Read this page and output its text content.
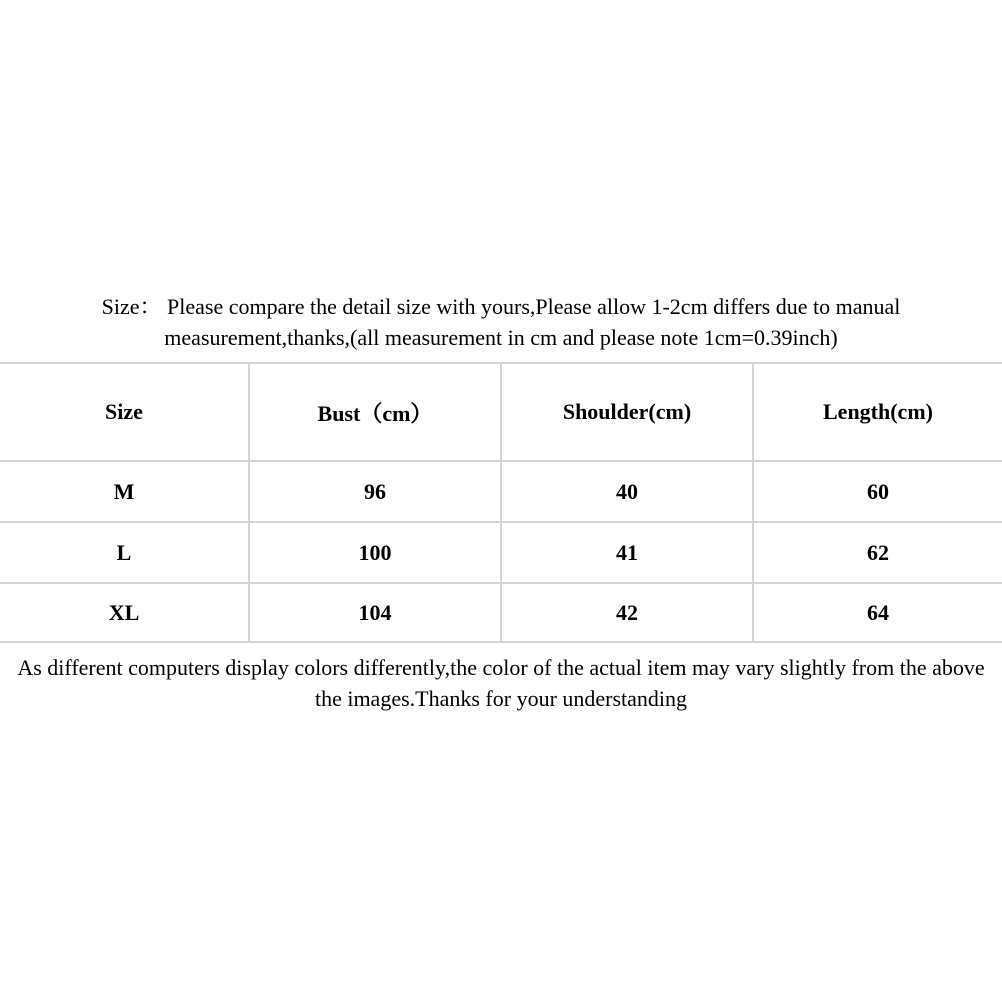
Size： Please compare the detail size with yours,Please allow 1-2cm differs due to manual
measurement,thanks,(all measurement in cm and please note 1cm=0.39inch)
Size	Bust（cm）	Shoulder(cm)	Length(cm)
M	96	40	60
L	100	41	62
XL	104	42	64
As different computers display colors differently,the color of the actual item may vary slightly from the above
the images.Thanks for your understanding
